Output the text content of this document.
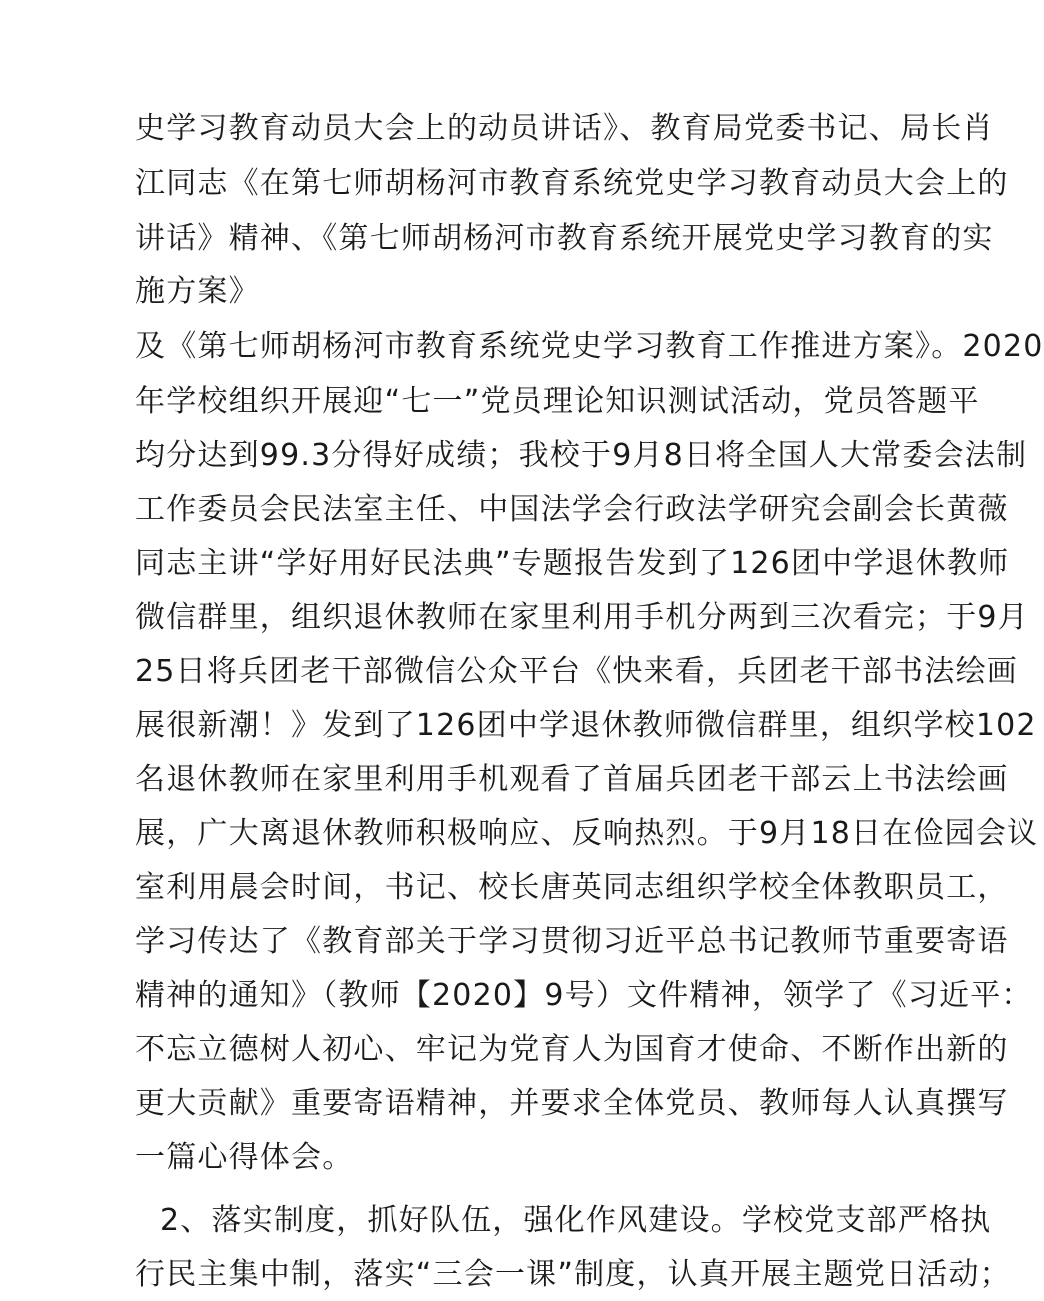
史学习教育动员大会上的动员讲话》、教育局党委书记、局长肖
江同志《在第七师胡杨河市教育系统党史学习教育动员大会上的
讲话》精神、《第七师胡杨河市教育系统开展党史学习教育的实
施方案》
及《第七师胡杨河市教育系统党史学习教育工作推进方案》。2020
年学校组织开展迎“七一”党员理论知识测试活动，党员答题平
均分达到99.3分得好成绩；我校于9月8日将全国人大常委会法制
工作委员会民法室主任、中国法学会行政法学研究会副会长黄薇
同志主讲“学好用好民法典”专题报告发到了126团中学退休教师
微信群里，组织退休教师在家里利用手机分两到三次看完；于9月
25日将兵团老干部微信公众平台《快来看，兵团老干部书法绘画
展很新潮！》发到了126团中学退休教师微信群里，组织学校102
名退休教师在家里利用手机观看了首届兵团老干部云上书法绘画
展，广大离退休教师积极响应、反响热烈。于9月18日在俭园会议
室利用晨会时间，书记、校长唐英同志组织学校全体教职员工，
学习传达了《教育部关于学习贯彻习近平总书记教师节重要寄语
精神的通知》（教师【2020】9号）文件精神，领学了《习近平：
不忘立德树人初心、牢记为党育人为国育才使命、不断作出新的
更大贡献》重要寄语精神，并要求全体党员、教师每人认真撰写
一篇心得体会。
2、落实制度，抓好队伍，强化作风建设。学校党支部严格执
行民主集中制，落实“三会一课”制度，认真开展主题党日活动；
